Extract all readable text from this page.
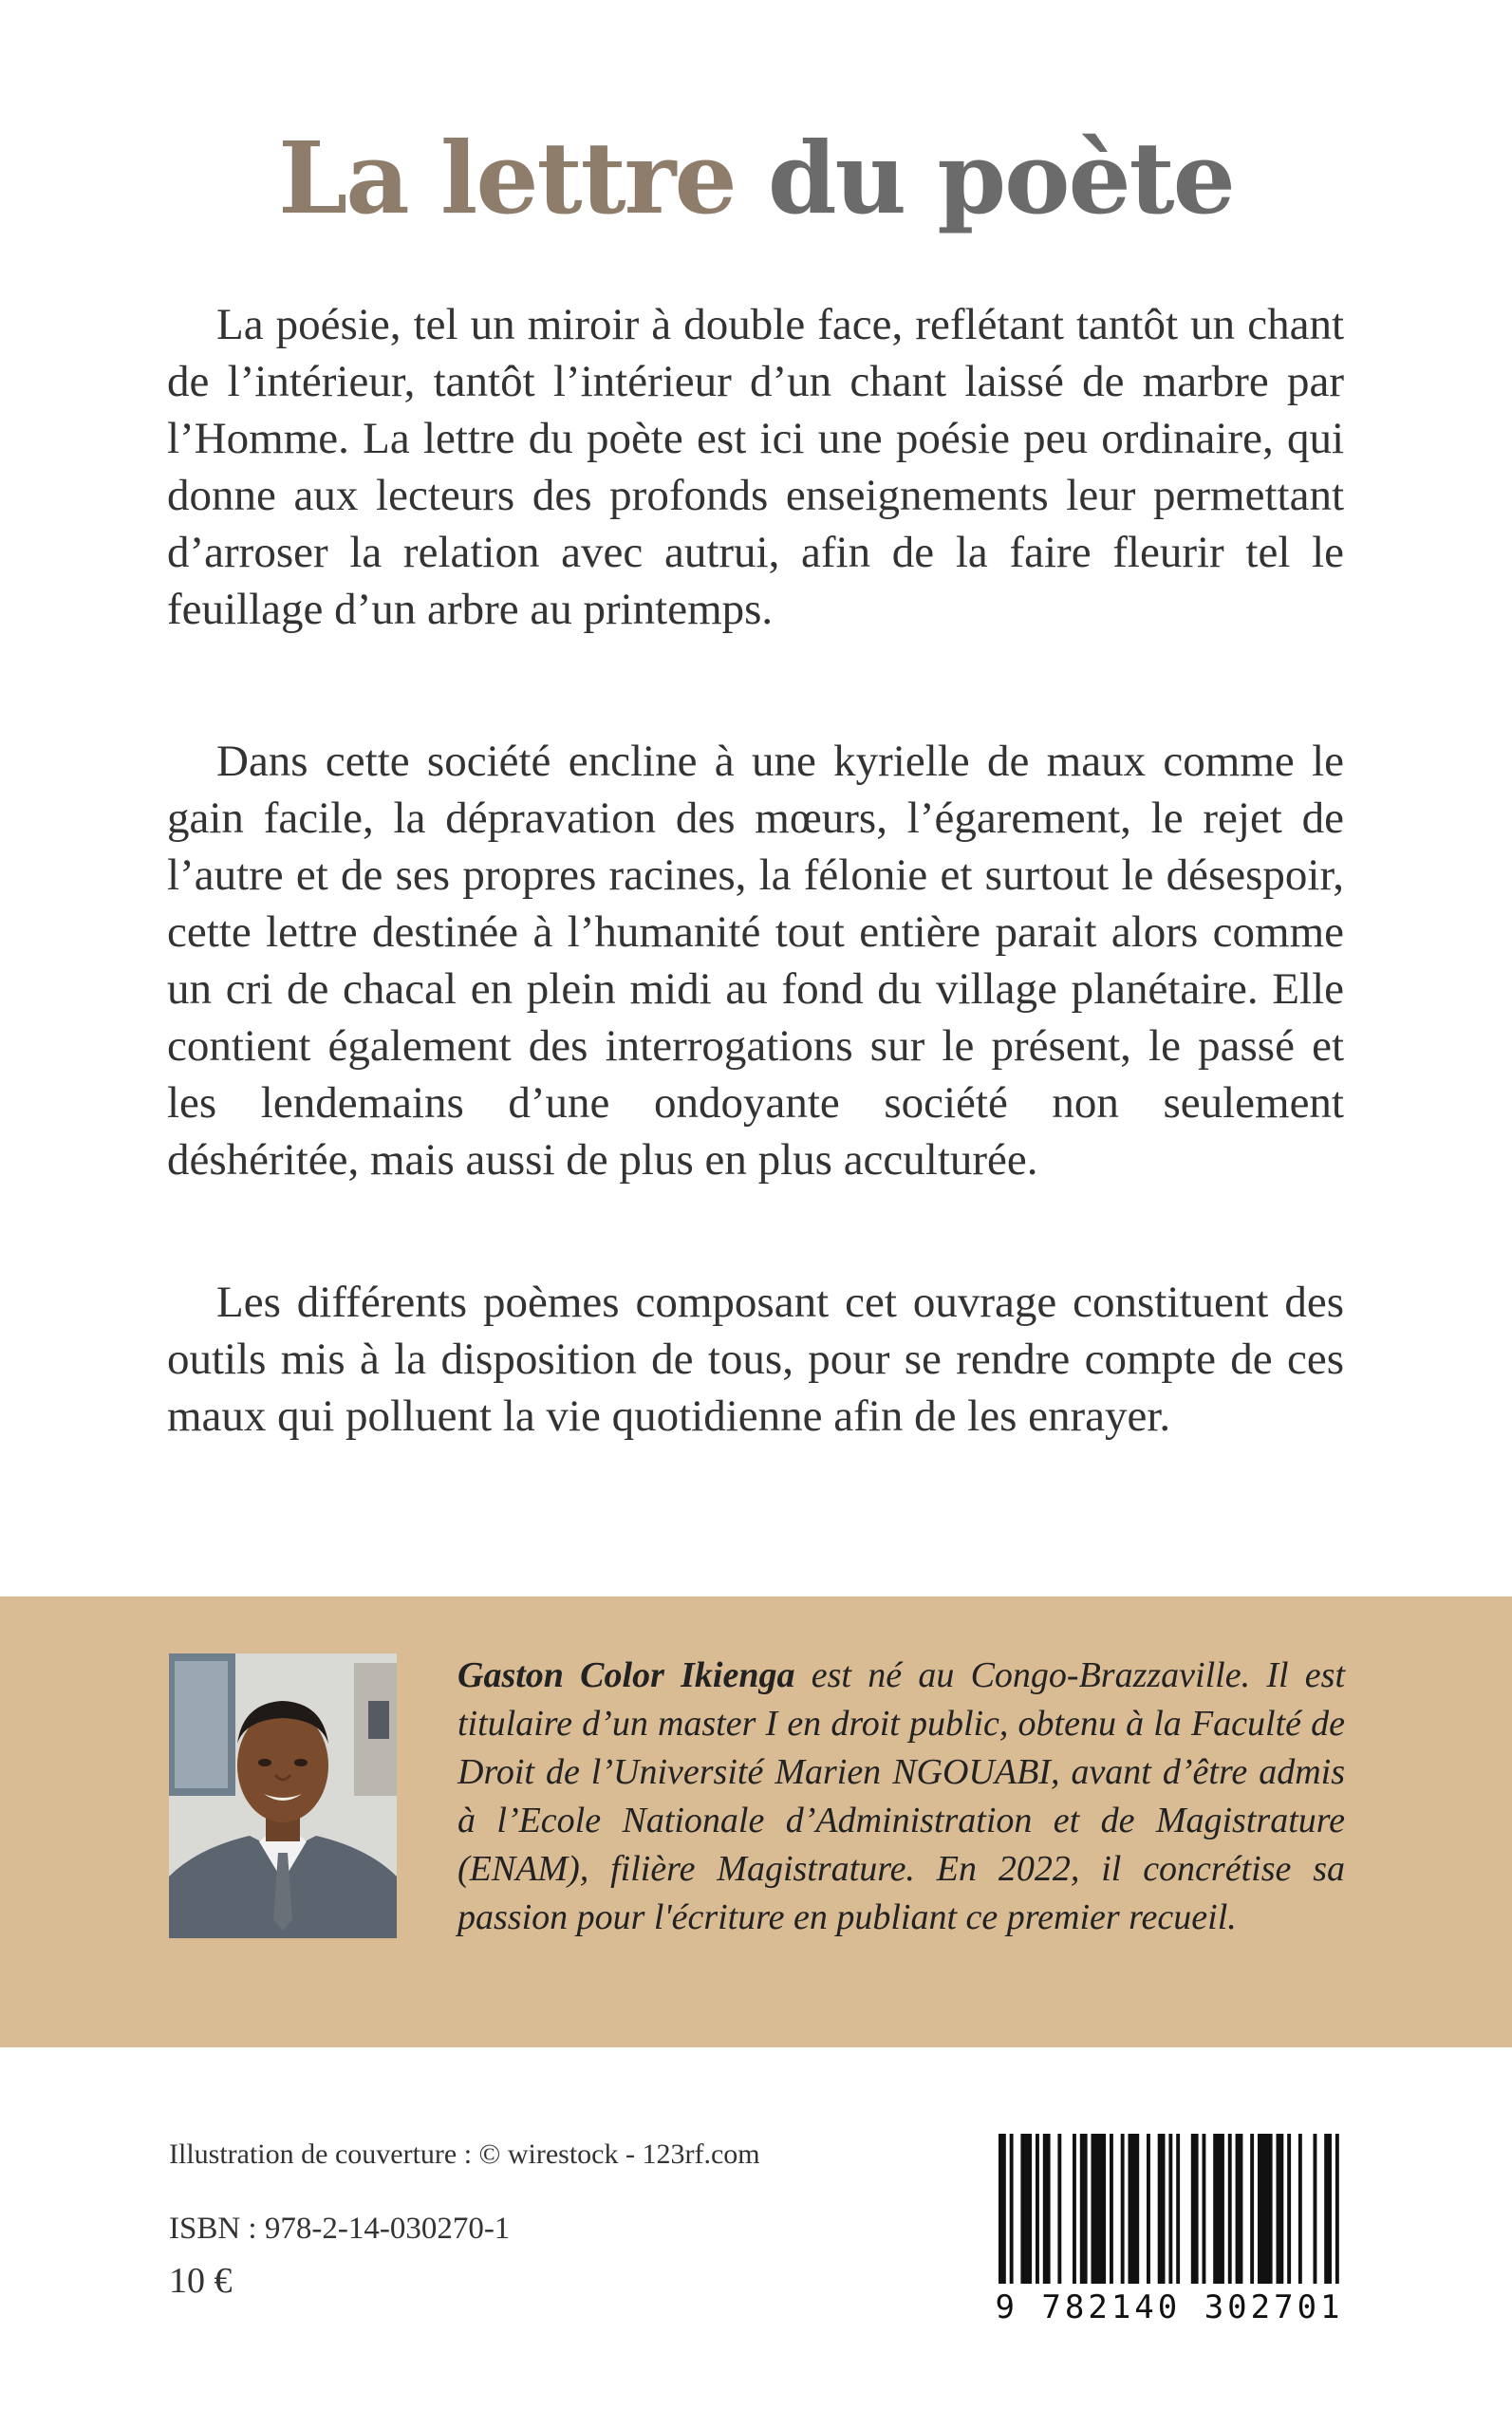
La lettre du poète

La poésie, tel un miroir à double face, reflétant tantôt un chant de l’intérieur, tantôt l’intérieur d’un chant laissé de marbre par l’Homme. La lettre du poète est ici une poésie peu ordinaire, qui donne aux lecteurs des profonds enseignements leur permettant d’arroser la relation avec autrui, afin de la faire fleurir tel le feuillage d’un arbre au printemps.

Dans cette société encline à une kyrielle de maux comme le gain facile, la dépravation des mœurs, l’égarement, le rejet de l’autre et de ses propres racines, la félonie et surtout le désespoir, cette lettre destinée à l’humanité tout entière parait alors comme un cri de chacal en plein midi au fond du village planétaire. Elle contient également des interrogations sur le présent, le passé et les lendemains d’une ondoyante société non seulement déshéritée, mais aussi de plus en plus acculturée.

Les différents poèmes composant cet ouvrage constituent des outils mis à la disposition de tous, pour se rendre compte de ces maux qui polluent la vie quotidienne afin de les enrayer.

Gaston Color Ikienga est né au Congo-Brazzaville. Il est titulaire d’un master I en droit public, obtenu à la Faculté de Droit de l’Université Marien NGOUABI, avant d’être admis à l’Ecole Nationale d’Administration et de Magistrature (ENAM), filière Magistrature. En 2022, il concrétise sa passion pour l'écriture en publiant ce premier recueil.

Illustration de couverture : © wirestock - 123rf.com
ISBN : 978-2-14-030270-1
10 €
9 782140 302701
